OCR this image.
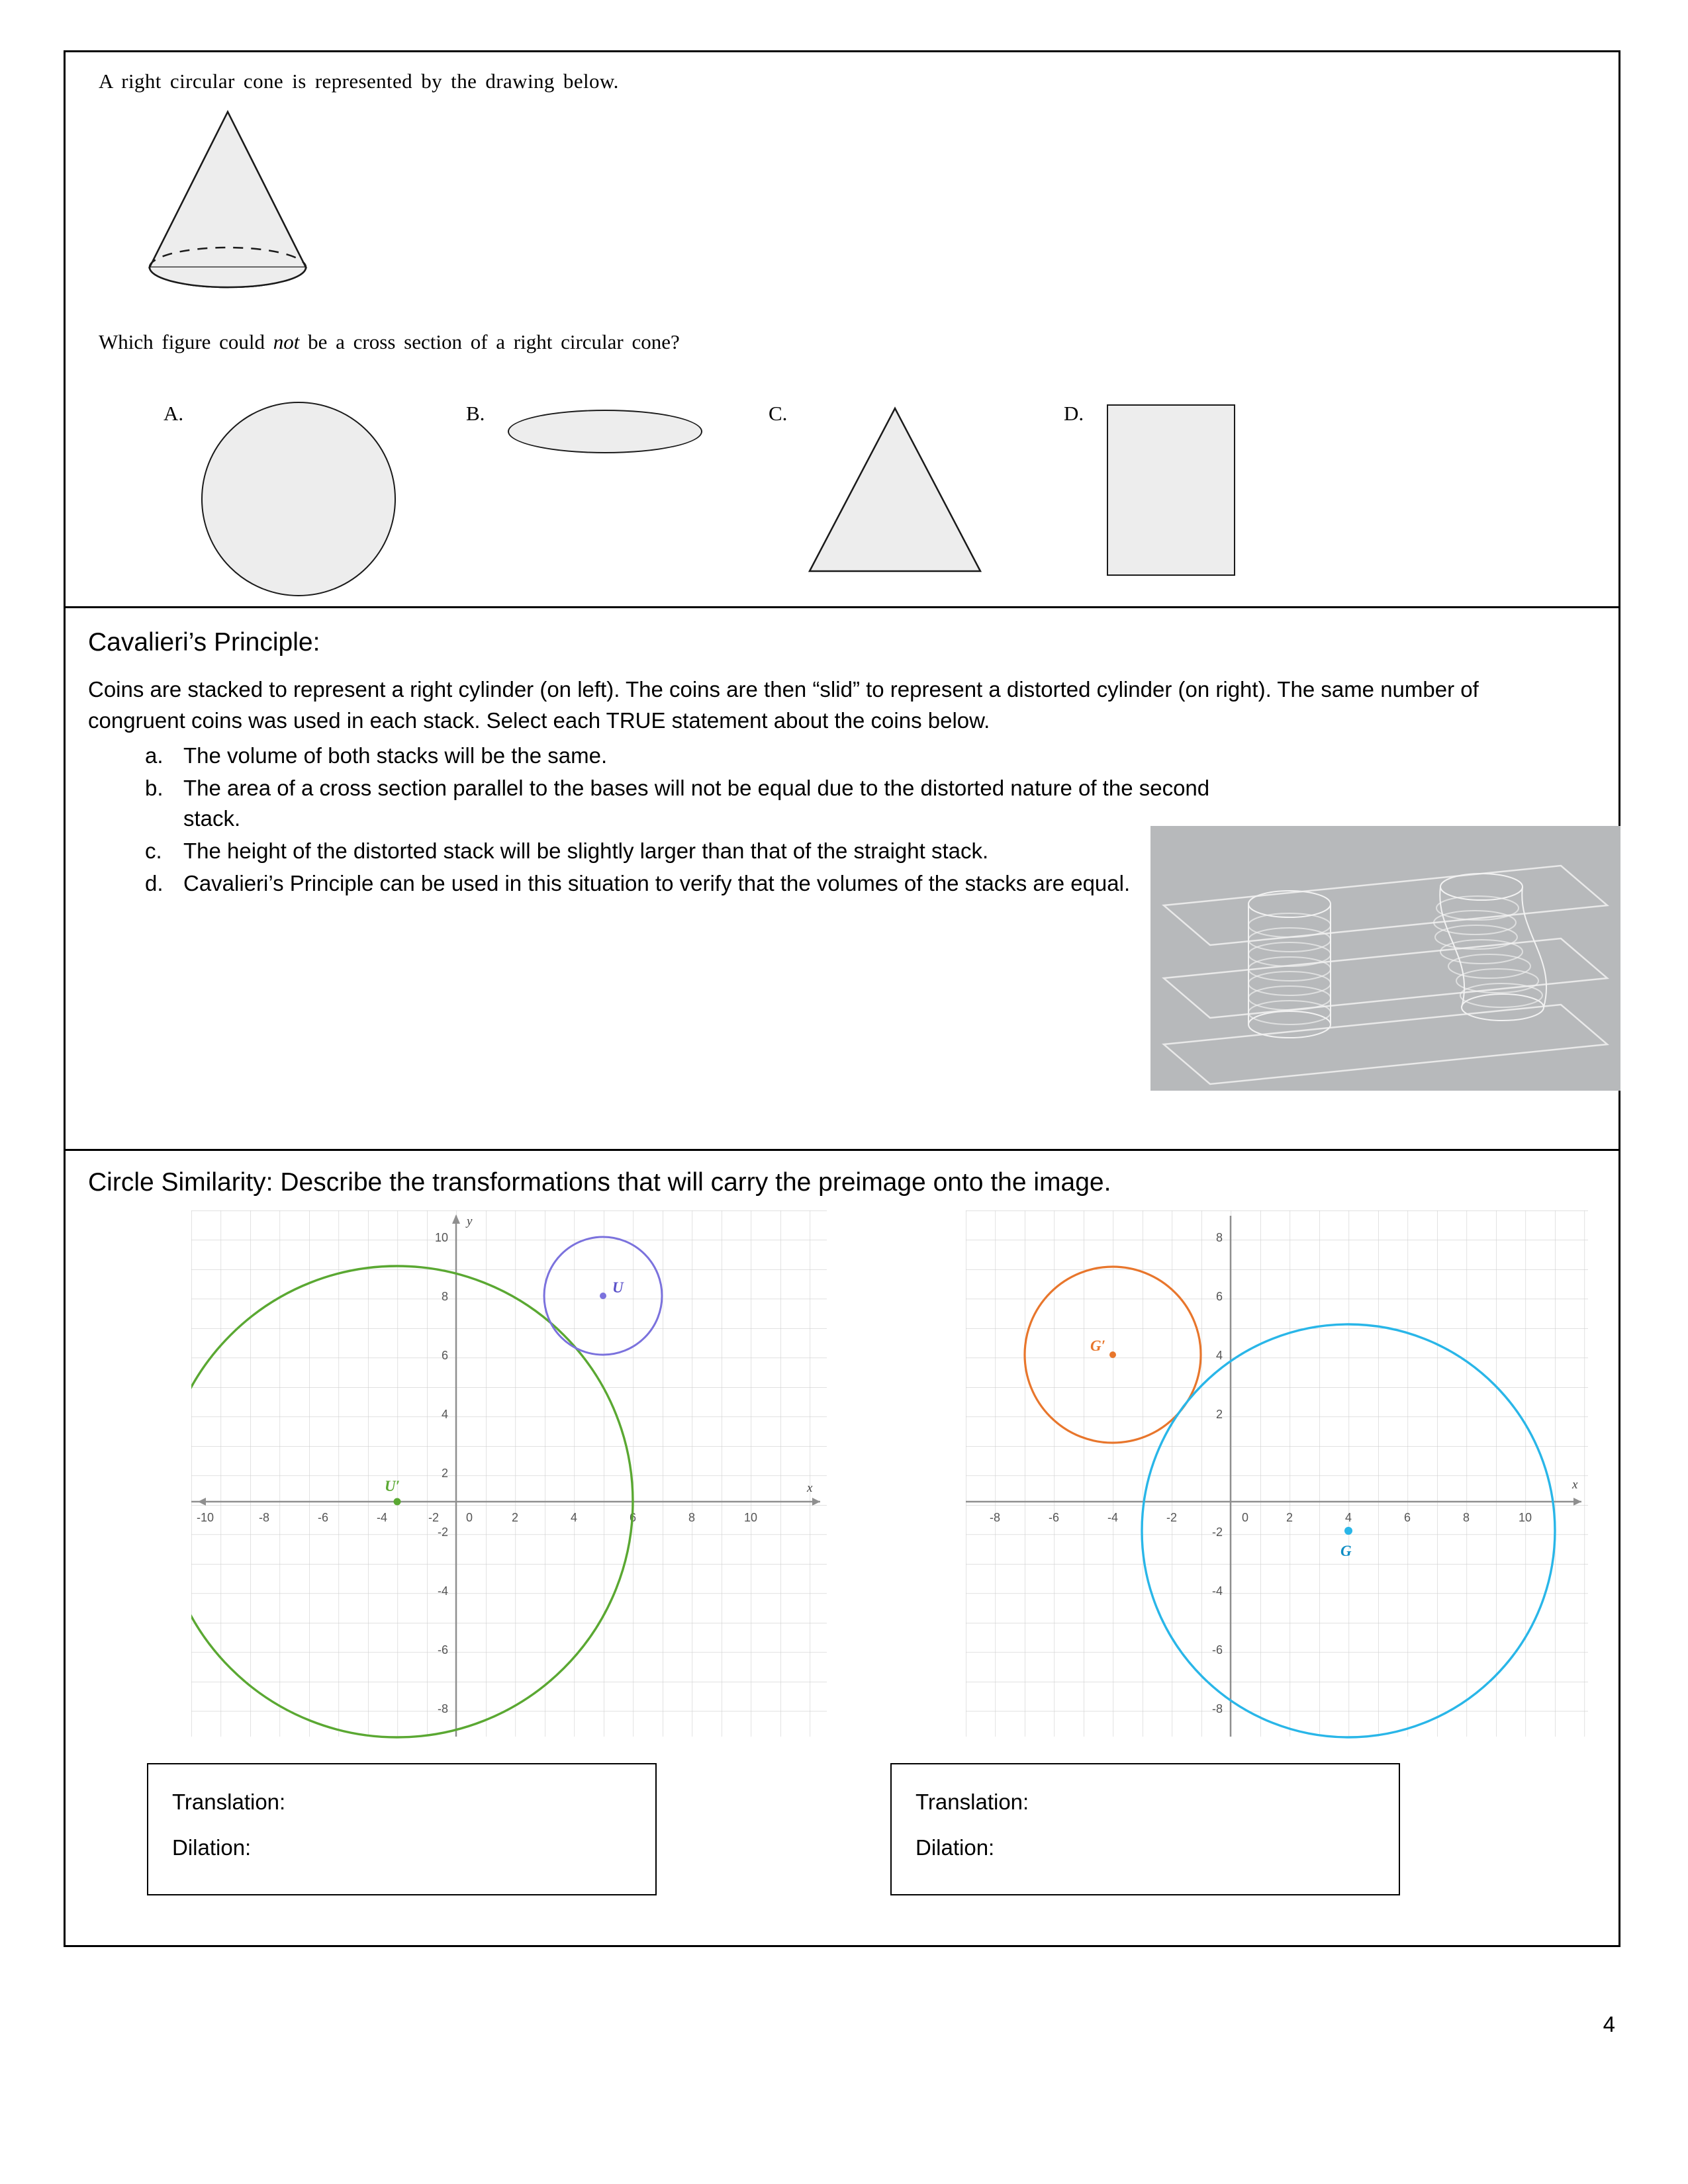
A right circular cone is represented by the drawing below.
Which figure could not be a cross section of a right circular cone?
A.	B.	C.	D.
Cavalieri’s Principle:
Coins are stacked to represent a right cylinder (on left). The coins are then “slid” to represent a distorted cylinder (on right). The same number of congruent coins was used in each stack. Select each TRUE statement about the coins below.
a. The volume of both stacks will be the same.
b. The area of a cross section parallel to the bases will not be equal due to the distorted nature of the second stack.
c. The height of the distorted stack will be slightly larger than that of the straight stack.
d. Cavalieri’s Principle can be used in this situation to verify that the volumes of the stacks are equal.
Circle Similarity: Describe the transformations that will carry the preimage onto the image.
y
x
-10	-8	-6	-4	-2 0	2	4	6	8	10
10
8
6
4
2
-2
-4
-6
-8
U′
U
x
-8	-6	-4	-2	0	2	4	6	8	10
8
6
4
2
-2
-4
-6
-8
G′
G
Translation:
Dilation:
Translation:
Dilation:
4
